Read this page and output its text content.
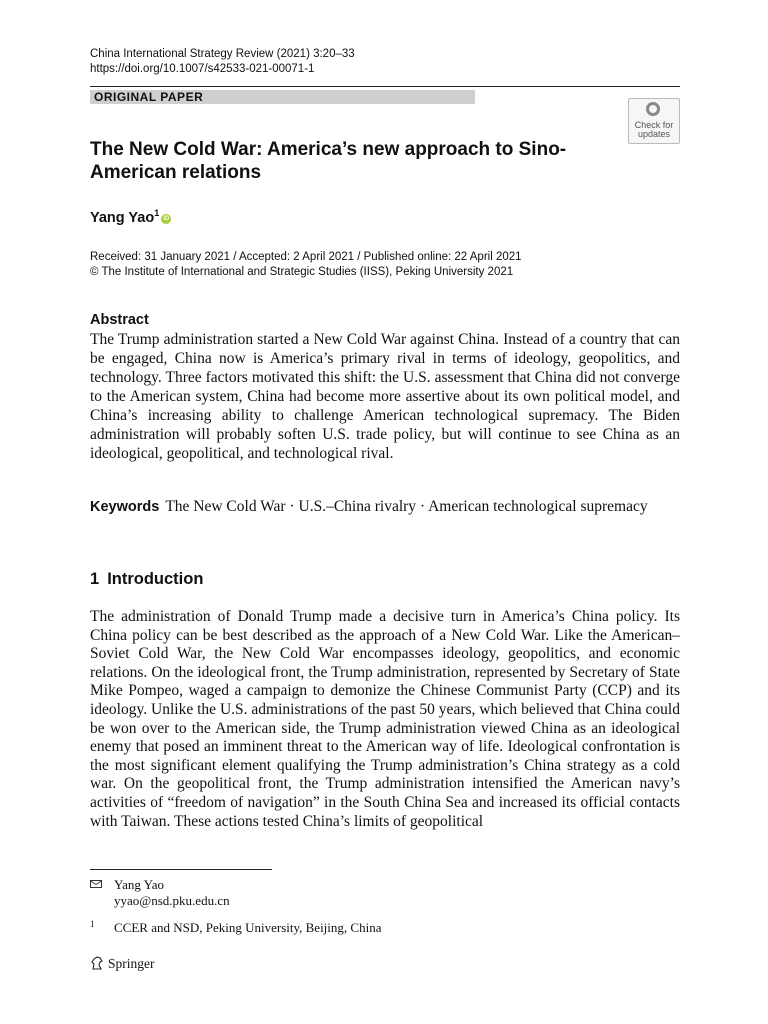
China International Strategy Review (2021) 3:20–33
https://doi.org/10.1007/s42533-021-00071-1
ORIGINAL PAPER
Check for
updates
The New Cold War: America’s new approach to Sino-American relations
Yang Yao$^1$iD
Received: 31 January 2021 / Accepted: 2 April 2021 / Published online: 22 April 2021
© The Institute of International and Strategic Studies (IISS), Peking University 2021
Abstract
The Trump administration started a New Cold War against China. Instead of a country that can be engaged, China now is America’s primary rival in terms of ideology, geopolitics, and technology. Three factors motivated this shift: the U.S. assessment that China did not converge to the American system, China had become more assertive about its own political model, and China’s increasing ability to challenge American technological supremacy. The Biden administration will probably soften U.S. trade policy, but will continue to see China as an ideological, geopolitical, and technological rival.
Keywords The New Cold War · U.S.–China rivalry · American technological supremacy
1 Introduction
The administration of Donald Trump made a decisive turn in America’s China policy. Its China policy can be best described as the approach of a New Cold War. Like the American–Soviet Cold War, the New Cold War encompasses ideology, geopolitics, and economic relations. On the ideological front, the Trump administration, represented by Secretary of State Mike Pompeo, waged a campaign to demonize the Chinese Communist Party (CCP) and its ideology. Unlike the U.S. administrations of the past 50 years, which believed that China could be won over to the American side, the Trump administration viewed China as an ideological enemy that posed an imminent threat to the American way of life. Ideological confrontation is the most significant element qualifying the Trump administration’s China strategy as a cold war. On the geopolitical front, the Trump administration intensified the American navy’s activities of “freedom of navigation” in the South China Sea and increased its official contacts with Taiwan. These actions tested China’s limits of geopolitical
Yang Yao
yyao@nsd.pku.edu.cn
1 CCER and NSD, Peking University, Beijing, China
Springer
